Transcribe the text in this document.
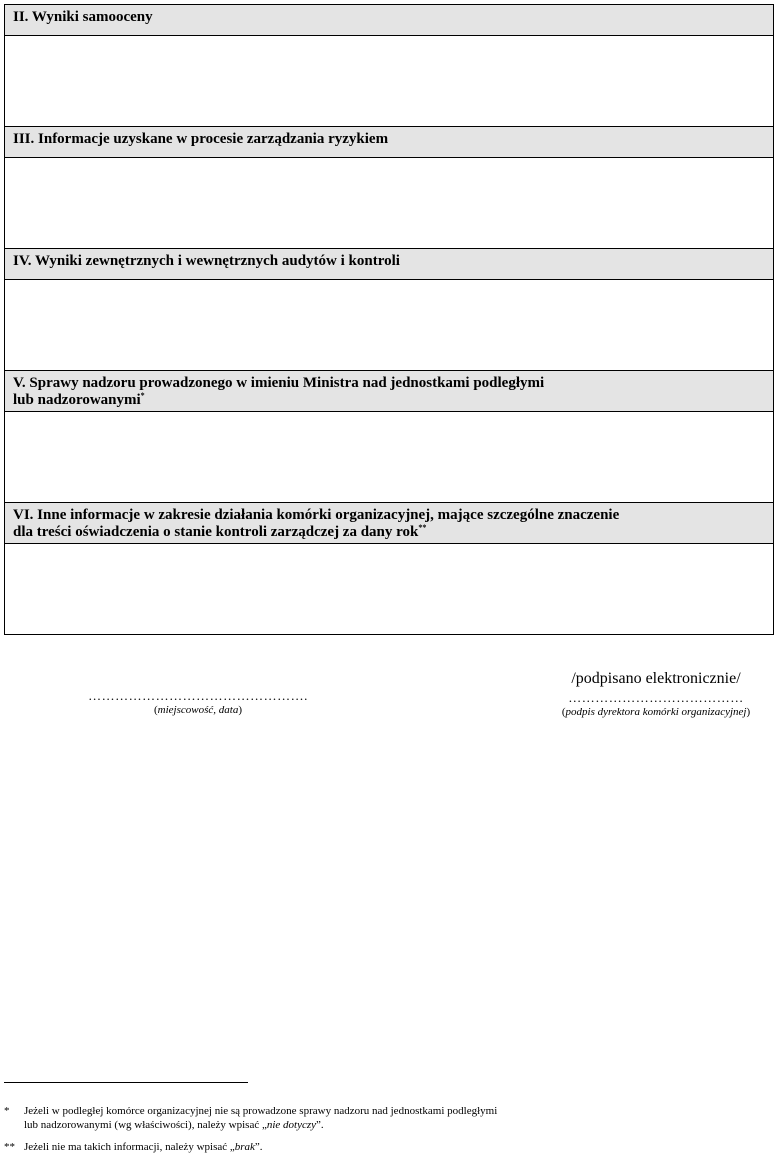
II. Wyniki samooceny
III. Informacje uzyskane w procesie zarządzania ryzykiem
IV. Wyniki zewnętrznych i wewnętrznych audytów i kontroli
V. Sprawy nadzoru prowadzonego w imieniu Ministra nad jednostkami podległymi
lub nadzorowanymi*
VI. Inne informacje w zakresie działania komórki organizacyjnej, mające szczególne znaczenie
dla treści oświadczenia o stanie kontroli zarządczej za dany rok**
………………………………………….
(miejscowość, data)
/podpisano elektronicznie/
…………………………………
(podpis dyrektora komórki organizacyjnej)
* Jeżeli w podległej komórce organizacyjnej nie są prowadzone sprawy nadzoru nad jednostkami podległymi
lub nadzorowanymi (wg właściwości), należy wpisać „nie dotyczy”.
** Jeżeli nie ma takich informacji, należy wpisać „brak”.
